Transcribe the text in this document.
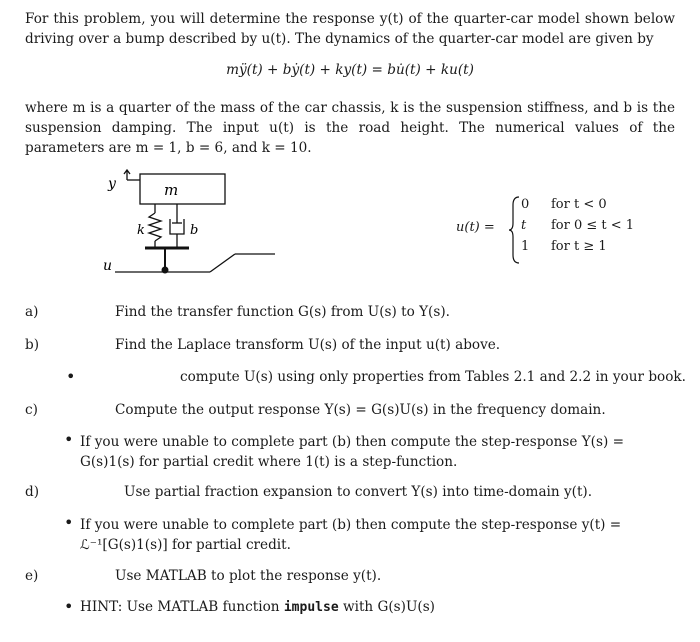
For this problem, you will determine the response y(t) of the quarter-car model shown below driving over a bump described by u(t). The dynamics of the quarter-car model are given by
mÿ(t) + bẏ(t) + ky(t) = bu̇(t) + ku(t)
where m is a quarter of the mass of the car chassis, k is the suspension stiffness, and b is the suspension damping. The input u(t) is the road height. The numerical values of the parameters are m = 1, b = 6, and k = 10.
m
y
k	b
u
u(t) =
0	for t < 0
t	for 0 ≤ t < 1
1	for t ≥ 1
a)	Find the transfer function G(s) from U(s) to Y(s).
b)	Find the Laplace transform U(s) of the input u(t) above.
•	compute U(s) using only properties from Tables 2.1 and 2.2 in your book.
c)	Compute the output response Y(s) = G(s)U(s) in the frequency domain.
• If you were unable to complete part (b) then compute the step-response Y(s) = G(s)1(s) for partial credit where 1(t) is a step-function.
d)	Use partial fraction expansion to convert Y(s) into time-domain y(t).
• If you were unable to complete part (b) then compute the step-response y(t) = ℒ⁻¹[G(s)1(s)] for partial credit.
e)	Use MATLAB to plot the response y(t).
• HINT: Use MATLAB function impulse with G(s)U(s)
